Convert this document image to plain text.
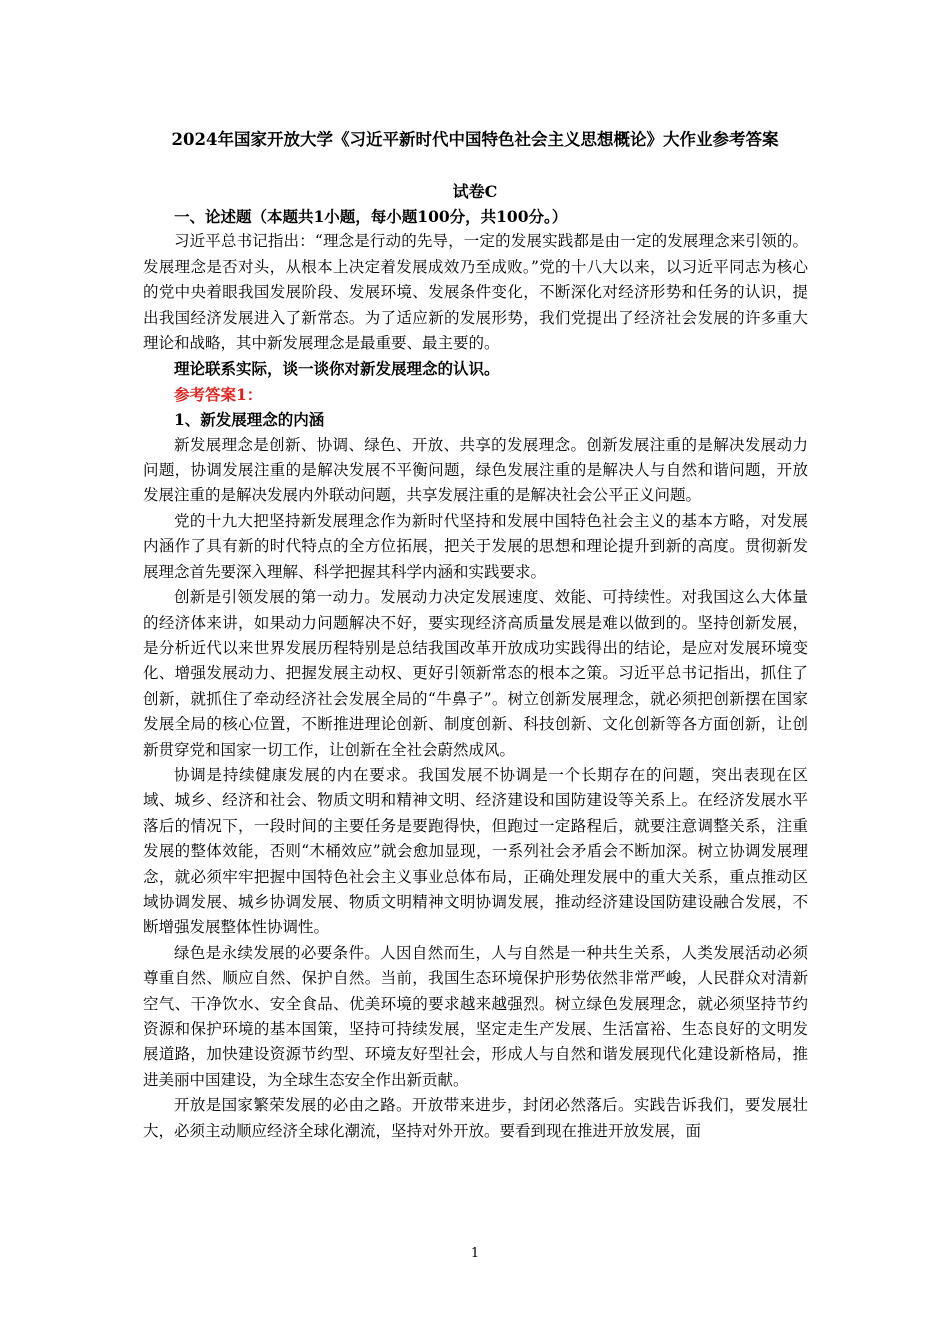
2024年国家开放大学《习近平新时代中国特色社会主义思想概论》大作业参考答案
试卷C

一、论述题（本题共1小题，每小题100分，共100分。）

习近平总书记指出：“理念是行动的先导，一定的发展实践都是由一定的发展理念来引领的。发展理念是否对头，从根本上决定着发展成效乃至成败。”党的十八大以来，以习近平同志为核心的党中央着眼我国发展阶段、发展环境、发展条件变化，不断深化对经济形势和任务的认识，提出我国经济发展进入了新常态。为了适应新的发展形势，我们党提出了经济社会发展的许多重大理论和战略，其中新发展理念是最重要、最主要的。

理论联系实际，谈一谈你对新发展理念的认识。

参考答案1：

1、新发展理念的内涵

新发展理念是创新、协调、绿色、开放、共享的发展理念。创新发展注重的是解决发展动力问题，协调发展注重的是解决发展不平衡问题，绿色发展注重的是解决人与自然和谐问题，开放发展注重的是解决发展内外联动问题，共享发展注重的是解决社会公平正义问题。

党的十九大把坚持新发展理念作为新时代坚持和发展中国特色社会主义的基本方略，对发展内涵作了具有新的时代特点的全方位拓展，把关于发展的思想和理论提升到新的高度。贯彻新发展理念首先要深入理解、科学把握其科学内涵和实践要求。

创新是引领发展的第一动力。发展动力决定发展速度、效能、可持续性。对我国这么大体量的经济体来讲，如果动力问题解决不好，要实现经济高质量发展是难以做到的。坚持创新发展，是分析近代以来世界发展历程特别是总结我国改革开放成功实践得出的结论，是应对发展环境变化、增强发展动力、把握发展主动权、更好引领新常态的根本之策。习近平总书记指出，抓住了创新，就抓住了牵动经济社会发展全局的“牛鼻子”。树立创新发展理念，就必须把创新摆在国家发展全局的核心位置，不断推进理论创新、制度创新、科技创新、文化创新等各方面创新，让创新贯穿党和国家一切工作，让创新在全社会蔚然成风。

协调是持续健康发展的内在要求。我国发展不协调是一个长期存在的问题，突出表现在区域、城乡、经济和社会、物质文明和精神文明、经济建设和国防建设等关系上。在经济发展水平落后的情况下，一段时间的主要任务是要跑得快，但跑过一定路程后，就要注意调整关系，注重发展的整体效能，否则“木桶效应”就会愈加显现，一系列社会矛盾会不断加深。树立协调发展理念，就必须牢牢把握中国特色社会主义事业总体布局，正确处理发展中的重大关系，重点推动区域协调发展、城乡协调发展、物质文明精神文明协调发展，推动经济建设国防建设融合发展，不断增强发展整体性协调性。

绿色是永续发展的必要条件。人因自然而生，人与自然是一种共生关系，人类发展活动必须尊重自然、顺应自然、保护自然。当前，我国生态环境保护形势依然非常严峻，人民群众对清新空气、干净饮水、安全食品、优美环境的要求越来越强烈。树立绿色发展理念，就必须坚持节约资源和保护环境的基本国策，坚持可持续发展，坚定走生产发展、生活富裕、生态良好的文明发展道路，加快建设资源节约型、环境友好型社会，形成人与自然和谐发展现代化建设新格局，推进美丽中国建设，为全球生态安全作出新贡献。

开放是国家繁荣发展的必由之路。开放带来进步，封闭必然落后。实践告诉我们，要发展壮大，必须主动顺应经济全球化潮流，坚持对外开放。要看到现在推进开放发展，面

1
